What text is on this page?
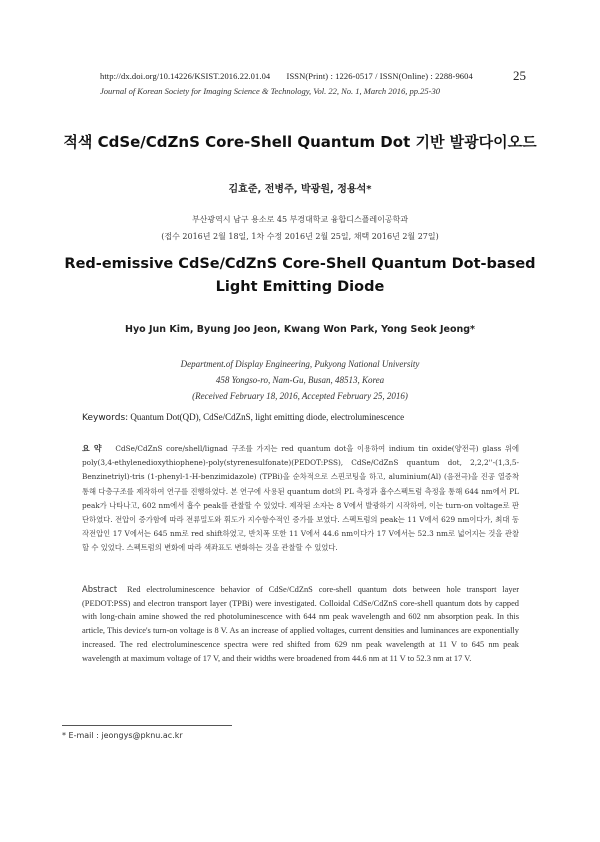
http://dx.doi.org/10.14226/KSIST.2016.22.01.04 ISSN(Print) : 1226-0517 / ISSN(Online) : 2288-9604	25
Journal of Korean Society for Imaging Science & Technology, Vol. 22, No. 1, March 2016, pp.25-30
적색 CdSe/CdZnS Core-Shell Quantum Dot 기반 발광다이오드
김효준, 전병주, 박광원, 정용석*
부산광역시 남구 용소로 45 부경대학교 융합디스플레이공학과
(접수 2016년 2월 18일, 1차 수정 2016년 2월 25일, 채택 2016년 2월 27일)
Red-emissive CdSe/CdZnS Core-Shell Quantum Dot-based Light Emitting Diode
Hyo Jun Kim, Byung Joo Jeon, Kwang Won Park, Yong Seok Jeong*
Department.of Display Engineering, Pukyong National University
458 Yongso-ro, Nam-Gu, Busan, 48513, Korea
(Received February 18, 2016, Accepted February 25, 2016)
Keywords: Quantum Dot(QD), CdSe/CdZnS, light emitting diode, electroluminescence
요 약 CdSe/CdZnS core/shell/lignad 구조를 가지는 red quantum dot을 이용하여 indium tin oxide(양전극) glass 위에 poly(3,4-ethylenedioxythiophene)-poly(styrenesulfonate)(PEDOT:PSS), CdSe/CdZnS quantum dot, 2,2,2''-(1,3,5-Benzinetriyl)-tris (1-phenyl-1-H-benzimidazole) (TPBi)을 순차적으로 스핀코팅을 하고, aluminium(Al) (음전극)을 진공 열증착 통해 다층구조를 제작하여 연구를 진행하였다. 본 연구에 사용된 quantum dot의 PL 측정과 흡수스펙트럼 측정을 통해 644 nm에서 PL peak가 나타나고, 602 nm에서 흡수 peak를 관찰할 수 있었다. 제작된 소자는 8 V에서 발광하기 시작하여, 이는 turn-on voltage로 판단하였다. 전압이 증가함에 따라 전류밀도와 휘도가 지수함수적인 증가를 보였다. 스펙트럼의 peak는 11 V에서 629 nm이다가, 최대 동작전압인 17 V에서는 645 nm로 red shift하였고, 반치폭 또한 11 V에서 44.6 nm이다가 17 V에서는 52.3 nm로 넓어지는 것을 관찰할 수 있었다. 스펙트럼의 변화에 따라 색좌표도 변화하는 것을 관찰할 수 있었다.
Abstract Red electroluminescence behavior of CdSe/CdZnS core-shell quantum dots between hole transport layer (PEDOT:PSS) and electron transport layer (TPBi) were investigated. Colloidal CdSe/CdZnS core-shell quantum dots by capped with long-chain amine showed the red photoluminescence with 644 nm peak wavelength and 602 nm absorption peak. In this article, This device's turn-on voltage is 8 V. As an increase of applied voltages, current densities and luminances are exponentially increased. The red electroluminescence spectra were red shifted from 629 nm peak wavelength at 11 V to 645 nm peak wavelength at maximum voltage of 17 V, and their widths were broadened from 44.6 nm at 11 V to 52.3 nm at 17 V.
* E-mail : jeongys@pknu.ac.kr
